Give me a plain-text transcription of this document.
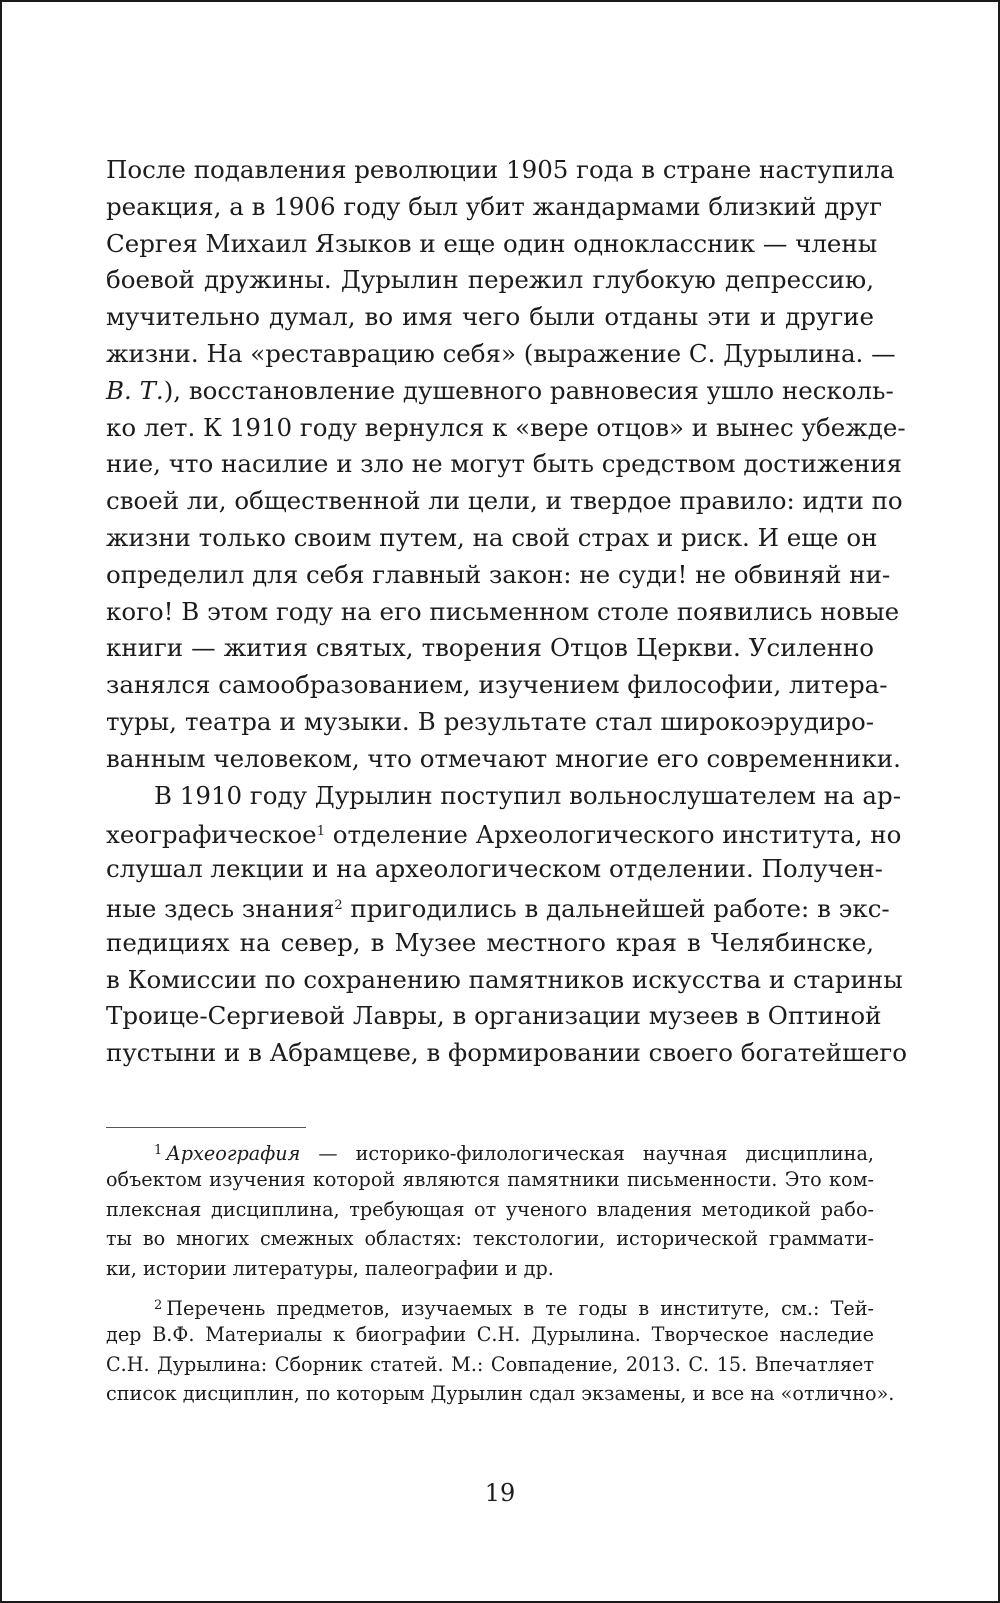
После подавления революции 1905 года в стране наступила
реакция, а в 1906 году был убит жандармами близкий друг
Сергея Михаил Языков и еще один одноклассник — члены
боевой дружины. Дурылин пережил глубокую депрессию,
мучительно думал, во имя чего были отданы эти и другие
жизни. На «реставрацию себя» (выражение С. Дурылина. —
В. Т.), восстановление душевного равновесия ушло несколь-
ко лет. К 1910 году вернулся к «вере отцов» и вынес убежде-
ние, что насилие и зло не могут быть средством достижения
своей ли, общественной ли цели, и твердое правило: идти по
жизни только своим путем, на свой страх и риск. И еще он
определил для себя главный закон: не суди! не обвиняй ни-
кого! В этом году на его письменном столе появились новые
книги — жития святых, творения Отцов Церкви. Усиленно
занялся самообразованием, изучением философии, литера-
туры, театра и музыки. В результате стал широкоэрудиро-
ванным человеком, что отмечают многие его современники.
В 1910 году Дурылин поступил вольнослушателем на ар-
хеографическое$^1$ отделение Археологического института, но
слушал лекции и на археологическом отделении. Получен-
ные здесь знания$^2$ пригодились в дальнейшей работе: в экс-
педициях на север, в Музее местного края в Челябинске,
в Комиссии по сохранению памятников искусства и старины
Троице-Сергиевой Лавры, в организации музеев в Оптиной
пустыни и в Абрамцеве, в формировании своего богатейшего
$^1$ Археография — историко-филологическая научная дисциплина,
объектом изучения которой являются памятники письменности. Это ком-
плексная дисциплина, требующая от ученого владения методикой рабо-
ты во многих смежных областях: текстологии, исторической граммати-
ки, истории литературы, палеографии и др.
$^2$ Перечень предметов, изучаемых в те годы в институте, см.: Тей-
дер В.Ф. Материалы к биографии С.Н. Дурылина. Творческое наследие
С.Н. Дурылина: Сборник статей. М.: Совпадение, 2013. С. 15. Впечатляет
список дисциплин, по которым Дурылин сдал экзамены, и все на «отлично».
19
